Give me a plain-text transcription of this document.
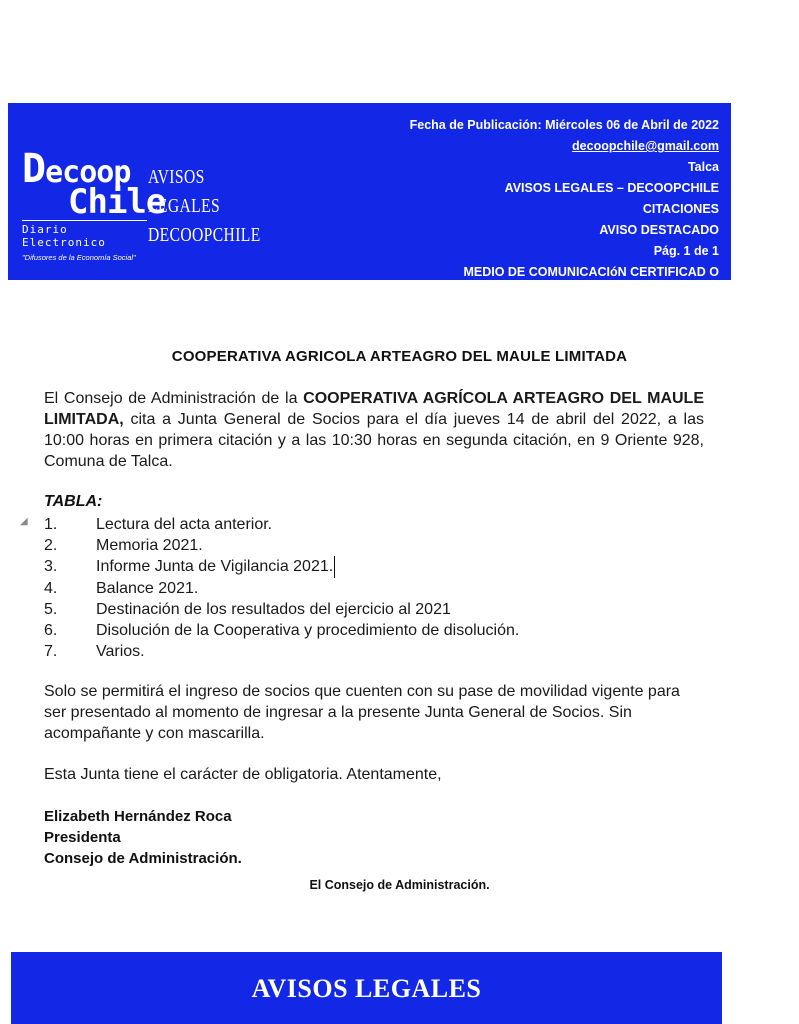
Decoop
Chile
Diario Electronico
"Difusores de la Economía Social"
AVISOS
LEGALES
DECOOPCHILE
Fecha de Publicación: Miércoles 06 de Abril de 2022
decoopchile@gmail.com
Talca
AVISOS LEGALES – DECOOPCHILE
CITACIONES
AVISO DESTACADO
Pág. 1 de 1
MEDIO DE COMUNICACIóN CERTIFICAD O
COOPERATIVA AGRICOLA ARTEAGRO DEL MAULE LIMITADA
El Consejo de Administración de la COOPERATIVA AGRÍCOLA ARTEAGRO DEL MAULE LIMITADA, cita a Junta General de Socios para el día jueves 14 de abril del 2022, a las 10:00 horas en primera citación y a las 10:30 horas en segunda citación, en 9 Oriente 928, Comuna de Talca.
TABLA:
◢ 1.	Lectura del acta anterior.
2.	Memoria 2021.
3.	Informe Junta de Vigilancia 2021.
4.	Balance 2021.
5.	Destinación de los resultados del ejercicio al 2021
6.	Disolución de la Cooperativa y procedimiento de disolución.
7.	Varios.
Solo se permitirá el ingreso de socios que cuenten con su pase de movilidad vigente para ser presentado al momento de ingresar a la presente Junta General de Socios. Sin acompañante y con mascarilla.
Esta Junta tiene el carácter de obligatoria. Atentamente,
Elizabeth Hernández Roca
Presidenta
Consejo de Administración.
El Consejo de Administración.
AVISOS LEGALES
